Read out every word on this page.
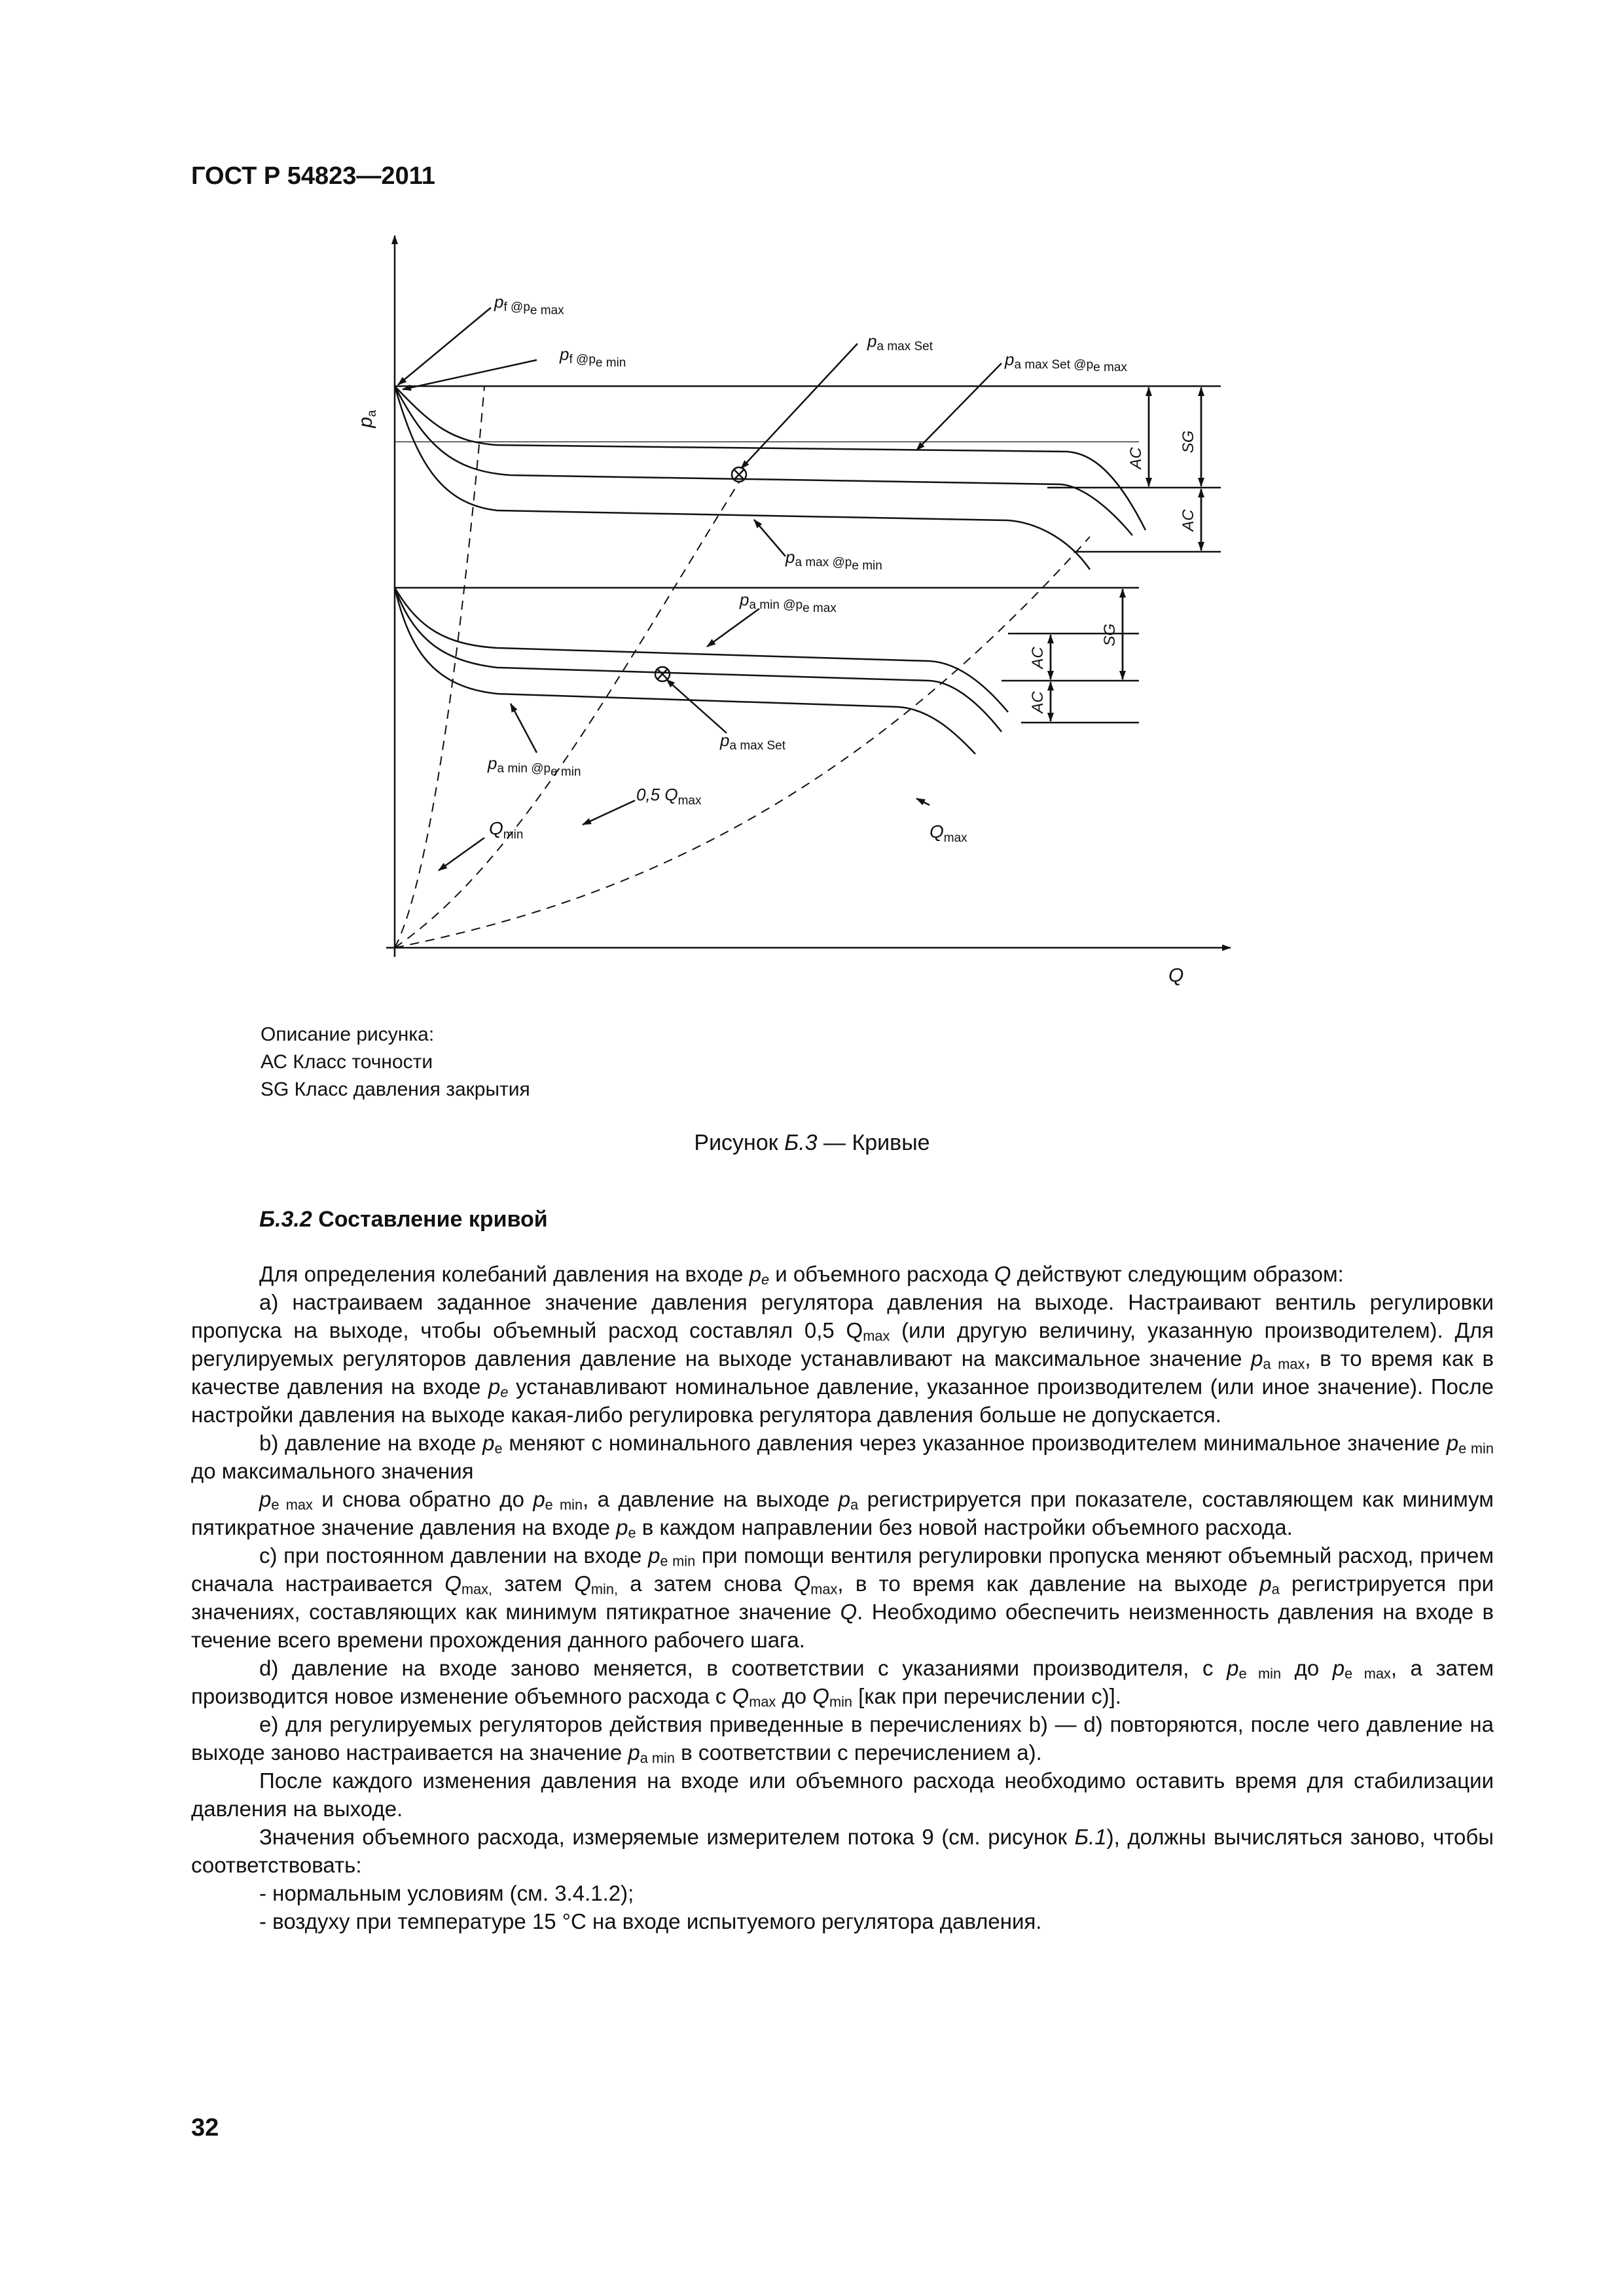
ГОСТ Р 54823—2011
$p_a$
Q
pf @pe max
pf @pe min
pa max Set
pa max Set @pe max
pa max @pe min
pa min @pe max
pa min @pe min
pa max Set
$Q_{min}$
0,5 $Q_{max}$
$Q_{max}$
SG
AC
AC
SG
AC
AC
Описание рисунка:
АС Класс точности
SG Класс давления закрытия
Рисунок Б.3 — Кривые

Б.3.2 Составление кривой

Для определения колебаний давления на входе $p_e$ и объемного расхода Q действуют следующим образом:

а) настраиваем заданное значение давления регулятора давления на выходе. Настраивают вентиль регулировки пропуска на выходе, чтобы объемный расход составлял 0,5 $Q_{max}$ (или другую величину, указанную производителем). Для регулируемых регуляторов давления давление на выходе устанавливают на максимальное значение $p_{a max}$, в то время как в качестве давления на входе $p_e$ устанавливают номинальное давление, указанное производителем (или иное значение). После настройки давления на выходе какая-либо регулировка регулятора давления больше не допускается.

b) давление на входе $p_e$ меняют с номинального давления через указанное производителем минимальное значение $p_{e min}$ до максимального значения

$p_{e max}$ и снова обратно до $p_{e min}$, а давление на выходе $p_a$ регистрируется при показателе, составляющем как минимум пятикратное значение давления на входе $p_e$ в каждом направлении без новой настройки объемного расхода.

с) при постоянном давлении на входе $p_{e min}$ при помощи вентиля регулировки пропуска меняют объемный расход, причем сначала настраивается $Q_{max,}$ затем $Q_{min,}$ а затем снова $Q_{max}$, в то время как давление на выходе $p_a$ регистрируется при значениях, составляющих как минимум пятикратное значение Q. Необходимо обеспечить неизменность давления на входе в течение всего времени прохождения данного рабочего шага.

d) давление на входе заново меняется, в соответствии с указаниями производителя, с $p_{e min}$ до $p_{e max}$, а затем производится новое изменение объемного расхода с $Q_{max}$ до $Q_{min}$ [как при перечислении с)].

е) для регулируемых регуляторов действия приведенные в перечислениях b) — d) повторяются, после чего давление на выходе заново настраивается на значение $p_{a min}$ в соответствии с перечислением а).

После каждого изменения давления на входе или объемного расхода необходимо оставить время для стабилизации давления на выходе.

Значения объемного расхода, измеряемые измерителем потока 9 (см. рисунок Б.1), должны вычисляться заново, чтобы соответствовать:

- нормальным условиям (см. 3.4.1.2);

- воздуху при температуре 15 °С на входе испытуемого регулятора давления.

32
